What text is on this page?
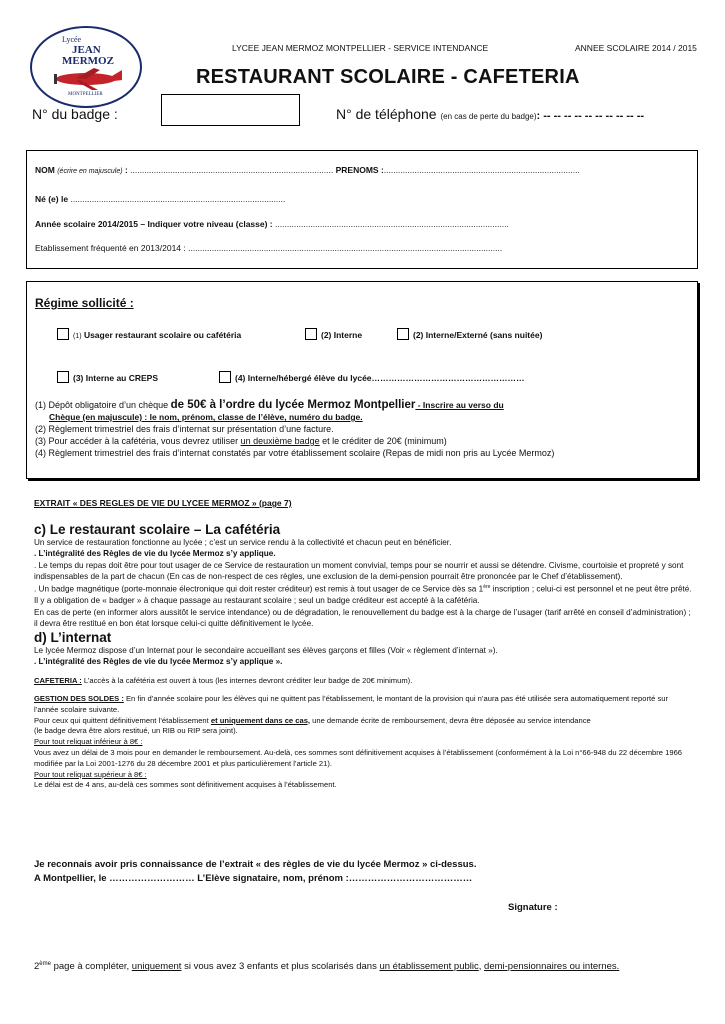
Lycée
JEAN
MERMOZ
MONTPELLIER
LYCEE JEAN MERMOZ MONTPELLIER - SERVICE INTENDANCE	ANNEE SCOLAIRE 2014 / 2015
RESTAURANT SCOLAIRE - CAFETERIA
N° du badge :	N° de téléphone (en cas de perte du badge): -- -- -- -- -- -- -- -- -- --
NOM (écrire en majuscule) : ...................................................................................... PRENOMS :...................................................................................
Né (e) le ...........................................................................................
Année scolaire 2014/2015 – Indiquer votre niveau (classe) : ...................................................................................................
Etablissement fréquenté en 2013/2014 : .....................................................................................................................................
Régime sollicité :
(1) Usager restaurant scolaire ou cafétéria	(2) Interne	(2) Interne/Externé (sans nuitée)
(3) Interne au CREPS	(4) Interne/hébergé élève du lycée………………………………………………
(1) Dépôt obligatoire d’un chèque de 50€ à l’ordre du lycée Mermoz Montpellier - Inscrire au verso du
Chèque (en majuscule) : le nom, prénom, classe de l’élève, numéro du badge.
(2) Règlement trimestriel des frais d’internat sur présentation d’une facture.
(3) Pour accéder à la cafétéria, vous devrez utiliser un deuxième badge et le créditer de 20€ (minimum)
(4) Règlement trimestriel des frais d’internat constatés par votre établissement scolaire (Repas de midi non pris au Lycée Mermoz)
EXTRAIT « DES REGLES DE VIE DU LYCEE MERMOZ » (page 7)
c) Le restaurant scolaire – La cafétéria
Un service de restauration fonctionne au lycée ; c’est un service rendu à la collectivité et chacun peut en bénéficier.
. L’intégralité des Règles de vie du lycée Mermoz s’y applique.
. Le temps du repas doit être pour tout usager de ce Service de restauration un moment convivial, temps pour se nourrir et aussi se détendre. Civisme, courtoisie et propreté y sont indispensables de la part de chacun (En cas de non-respect de ces règles, une exclusion de la demi-pension pourrait être prononcée par le Chef d’établissement).
. Un badge magnétique (porte-monnaie électronique qui doit rester créditeur) est remis à tout usager de ce Service dès sa 1ère inscription ; celui-ci est personnel et ne peut être prêté.
Il y a obligation de « badger » à chaque passage au restaurant scolaire ; seul un badge créditeur est accepté à la cafétéria.
En cas de perte (en informer alors aussitôt le service intendance) ou de dégradation, le renouvellement du badge est à la charge de l’usager (tarif arrêté en conseil d’administration) ; il devra être restitué en bon état lorsque celui-ci quitte définitivement le lycée.
d) L’internat
Le lycée Mermoz dispose d’un Internat pour le secondaire accueillant ses élèves garçons et filles (Voir « règlement d’internat »).
. L’intégralité des Règles de vie du lycée Mermoz s’y applique ».
CAFETERIA : L’accès à la cafétéria est ouvert à tous (les internes devront créditer leur badge de 20€ minimum).
GESTION DES SOLDES : En fin d’année scolaire pour les élèves qui ne quittent pas l’établissement, le montant de la provision qui n’aura pas été utilisée sera automatiquement reporté sur l’année scolaire suivante.
Pour ceux qui quittent définitivement l’établissement et uniquement dans ce cas, une demande écrite de remboursement, devra être déposée au service intendance
(le badge devra être alors restitué, un RIB ou RIP sera joint).
Pour tout reliquat inférieur à 8€ :
Vous avez un délai de 3 mois pour en demander le remboursement. Au-delà, ces sommes sont définitivement acquises à l’établissement (conformément à la Loi n°66-948 du 22 décembre 1966 modifiée par la Loi 2001-1276 du 28 décembre 2001 et plus particulièrement l’article 21).
Pour tout reliquat supérieur à 8€ :
Le délai est de 4 ans, au-delà ces sommes sont définitivement acquises à l’établissement.
Je reconnais avoir pris connaissance de l’extrait « des règles de vie du lycée Mermoz » ci-dessus.
A Montpellier, le ……………………… L’Elève signataire, nom, prénom :…………………………………
Signature :
2ème page à compléter, uniquement si vous avez 3 enfants et plus scolarisés dans un établissement public, demi-pensionnaires ou internes.
